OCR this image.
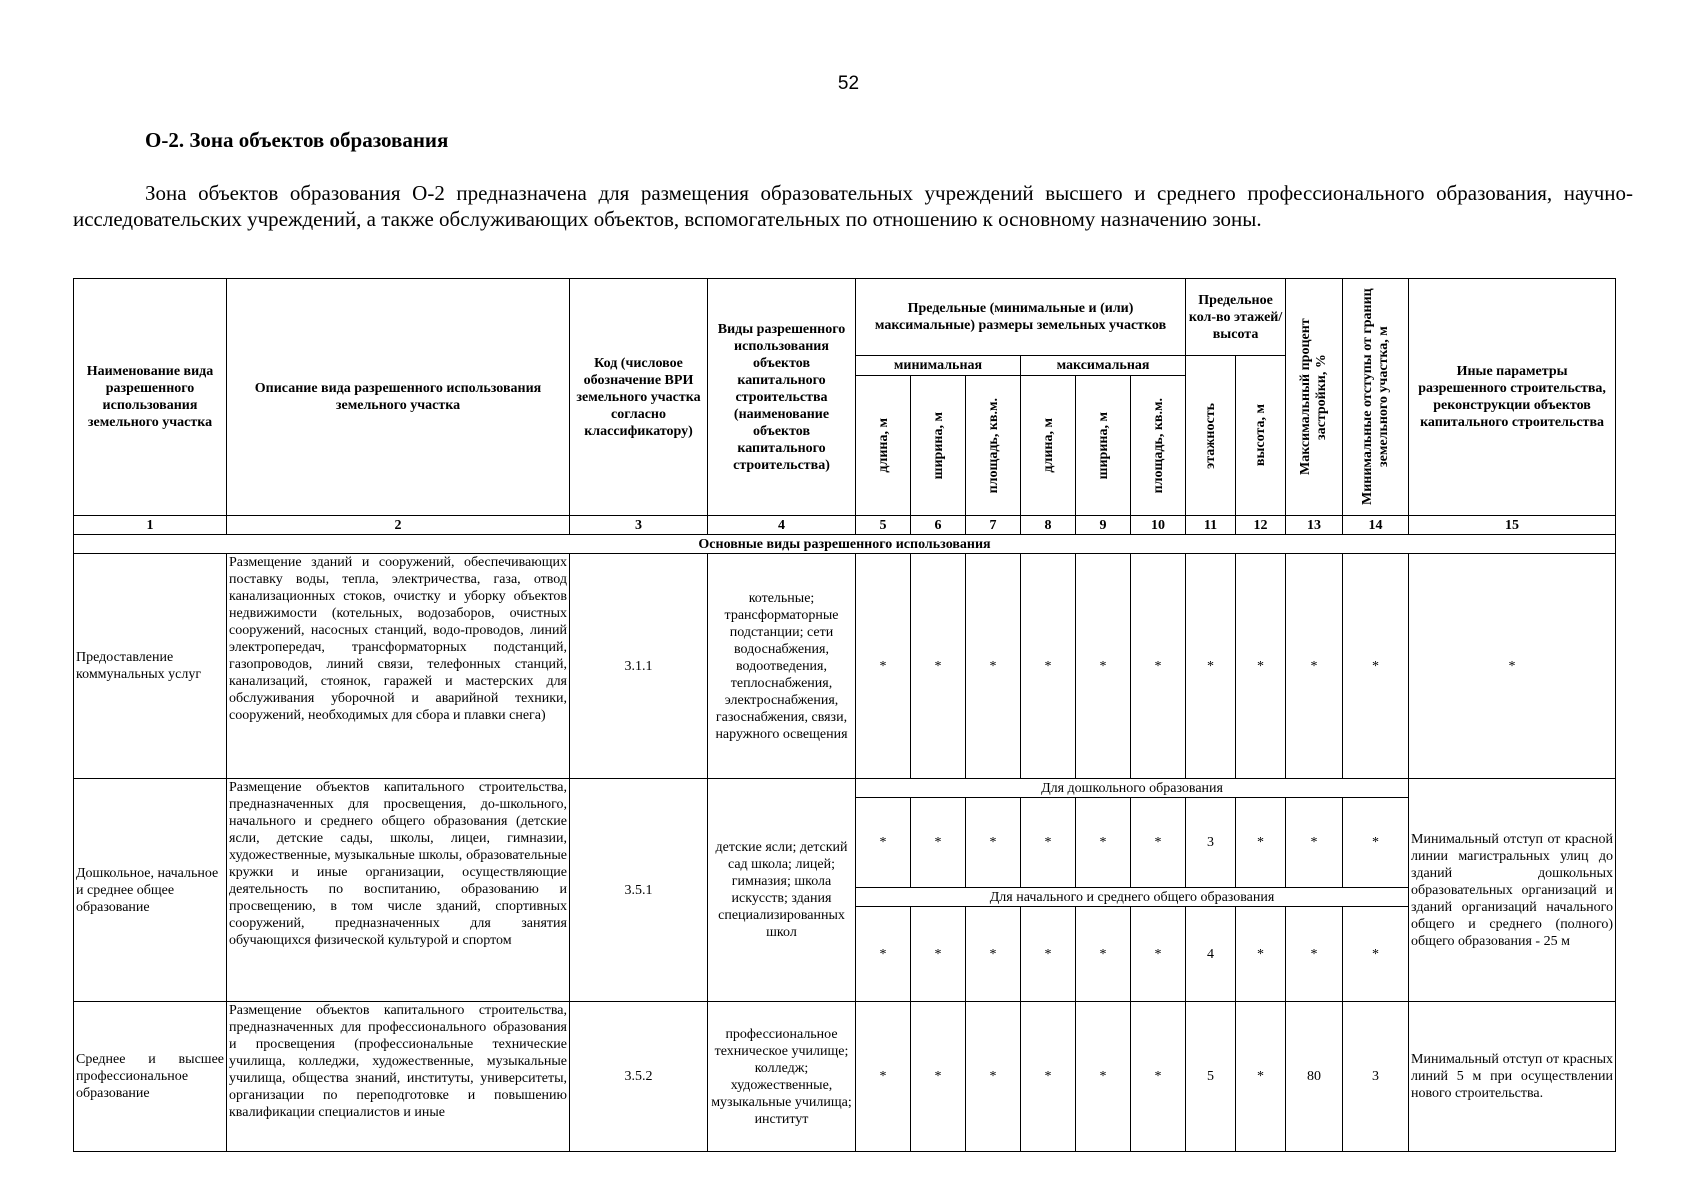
52
О-2. Зона объектов образования

Зона объектов образования О-2 предназначена для размещения образовательных учреждений высшего и среднего профессионального образования, научно-исследовательских учреждений, а также обслуживающих объектов, вспомогательных по отношению к основному назначению зоны.

Наименование вида разрешенного использования земельного участка	Описание вида разрешенного использования земельного участка	Код (числовое обозначение ВРИ земельного участка согласно классификатору)	Виды разрешенного использования объектов капитального строительства (наименование объектов капитального строительства)	Предельные (минимальные и (или) максимальные) размеры земельных участков						Предельное кол-во этажей/ высота		Максимальный процент застройки, %	Минимальные отступы от границ земельного участка, м	Иные параметры разрешенного строительства, реконструкции объектов капитального строительства
				минимальная			максимальная			этажность	высота, м			

				длина, м	ширина, м	площадь, кв.м.	длина, м	ширина, м	площадь, кв.м.					

1	2	3	4	5	6	7	8	9	10	11	12	13	14	15
Основные виды разрешенного использования														
Предоставление коммунальных услуг	Размещение зданий и сооружений, обеспечивающих поставку воды, тепла, электричества, газа, отвод канализационных стоков, очистку и уборку объектов недвижимости (котельных, водозаборов, очистных сооружений, насосных станций, водо-проводов, линий электропередач, трансформаторных подстанций, газопроводов, линий связи, телефонных станций, канализаций, стоянок, гаражей и мастерских для обслуживания уборочной и аварийной техники, сооружений, необходимых для сбора и плавки снега)	3.1.1	котельные; трансформаторные подстанции; сети водоснабжения, водоотведения, теплоснабжения, электроснабжения, газоснабжения, связи, наружного освещения	*	*	*	*	*	*	*	*	*	*	*
Дошкольное, начальное и среднее общее образование	Размещение объектов капитального строительства, предназначенных для просвещения, до-школьного, начального и среднего общего образования (детские ясли, детские сады, школы, лицеи, гимназии, художественные, музыкальные школы, образовательные кружки и иные организации, осуществляющие деятельность по воспитанию, образованию и просвещению, в том числе зданий, спортивных сооружений, предназначенных для занятия обучающихся физической культурой и спортом	3.5.1	детские ясли; детский сад школа; лицей; гимназия; школа искусств; здания специализированных школ	Для дошкольного образования										Минимальный отступ от красной линии магистральных улиц до зданий дошкольных образовательных организаций и зданий организаций начального общего и среднего (полного) общего образования - 25 м
				*	*	*	*	*	*	3	*	*	*	
				Для начального и среднего общего образования										
				*	*	*	*	*	*	4	*	*	*	
Среднее и высшее профессиональное образование	Размещение объектов капитального строительства, предназначенных для профессионального образования и просвещения (профессиональные технические училища, колледжи, художественные, музыкальные училища, общества знаний, институты, университеты, организации по переподготовке и повышению квалификации специалистов и иные	3.5.2	профессиональное техническое училище; колледж; художественные, музыкальные училища; институт	*	*	*	*	*	*	5	*	80	3	Минимальный отступ от красных линий 5 м при осуществлении нового строительства.
